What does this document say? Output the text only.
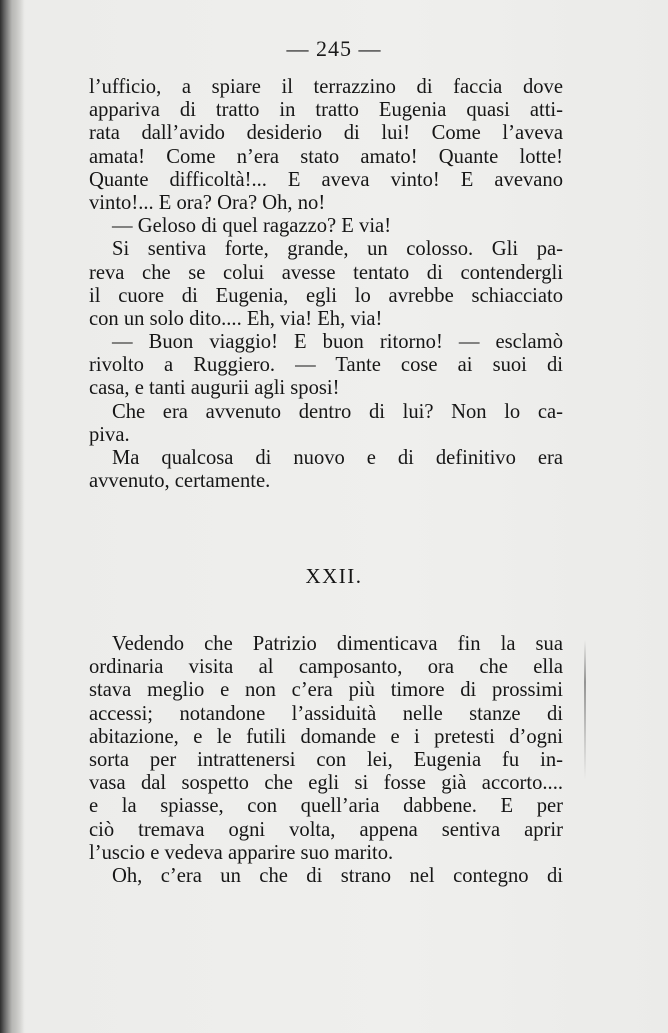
— 245 —
l’ufficio, a spiare il terrazzino di faccia dove
appariva di tratto in tratto Eugenia quasi atti-
rata dall’avido desiderio di lui! Come l’aveva
amata! Come n’era stato amato! Quante lotte!
Quante difficoltà!... E aveva vinto! E avevano
vinto!... E ora? Ora? Oh, no!
— Geloso di quel ragazzo? E via!
Si sentiva forte, grande, un colosso. Gli pa-
reva che se colui avesse tentato di contendergli
il cuore di Eugenia, egli lo avrebbe schiacciato
con un solo dito.... Eh, via! Eh, via!
— Buon viaggio! E buon ritorno! — esclamò
rivolto a Ruggiero. — Tante cose ai suoi di
casa, e tanti augurii agli sposi!
Che era avvenuto dentro di lui? Non lo ca-
piva.
Ma qualcosa di nuovo e di definitivo era
avvenuto, certamente.
XXII.
Vedendo che Patrizio dimenticava fin la sua
ordinaria visita al camposanto, ora che ella
stava meglio e non c’era più timore di prossimi
accessi; notandone l’assiduità nelle stanze di
abitazione, e le futili domande e i pretesti d’ogni
sorta per intrattenersi con lei, Eugenia fu in-
vasa dal sospetto che egli si fosse già accorto....
e la spiasse, con quell’aria dabbene. E per
ciò tremava ogni volta, appena sentiva aprir
l’uscio e vedeva apparire suo marito.
Oh, c’era un che di strano nel contegno di
